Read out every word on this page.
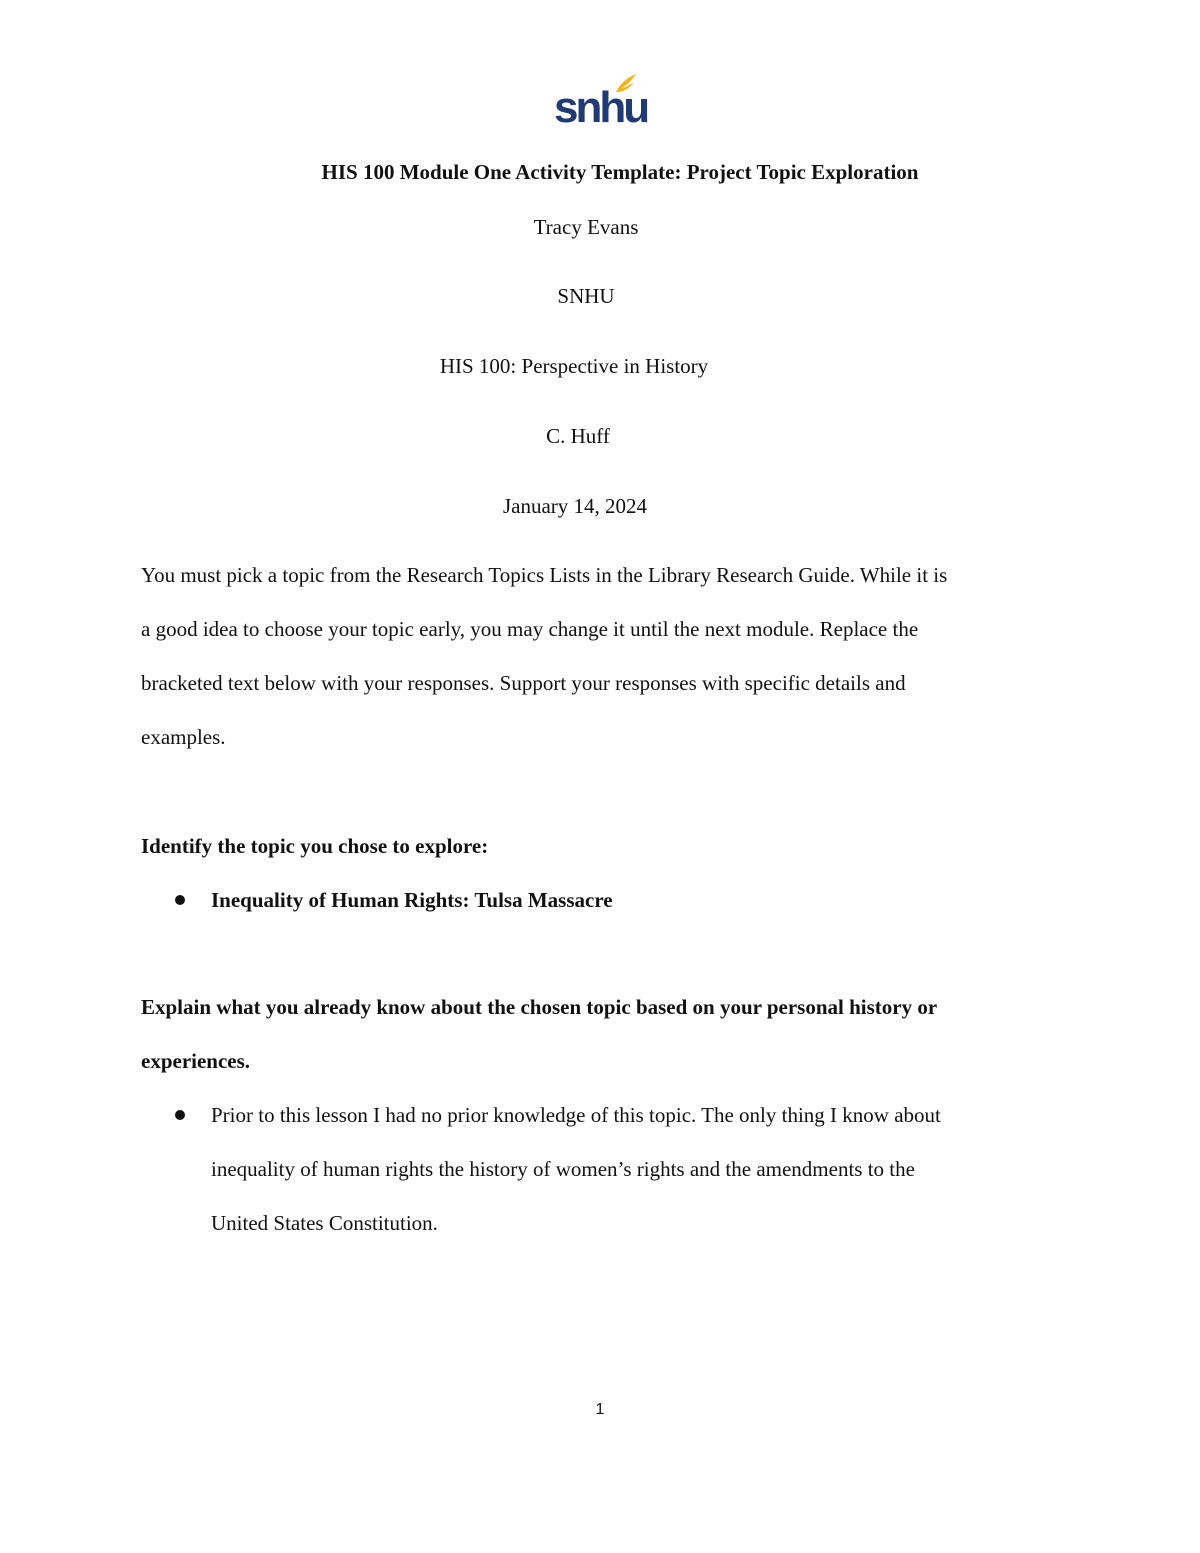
snhu
HIS 100 Module One Activity Template: Project Topic Exploration
Tracy Evans
SNHU
HIS 100: Perspective in History
C. Huff
January 14, 2024
You must pick a topic from the Research Topics Lists in the Library Research Guide. While it is
a good idea to choose your topic early, you may change it until the next module. Replace the
bracketed text below with your responses. Support your responses with specific details and
examples.
Identify the topic you chose to explore:
Inequality of Human Rights: Tulsa Massacre
Explain what you already know about the chosen topic based on your personal history or
experiences.
Prior to this lesson I had no prior knowledge of this topic. The only thing I know about
inequality of human rights the history of women’s rights and the amendments to the
United States Constitution.
1
